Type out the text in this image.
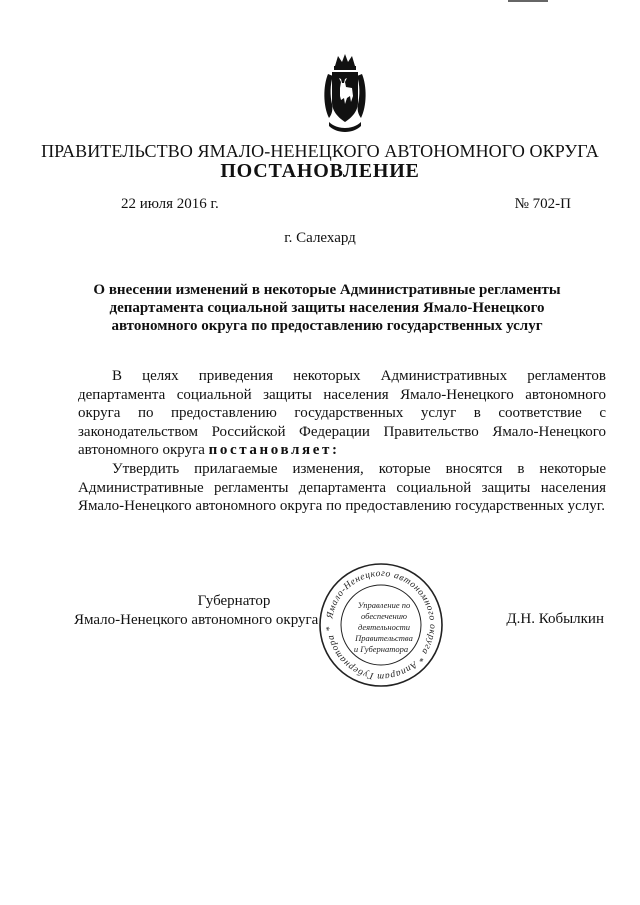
ПРАВИТЕЛЬСТВО ЯМАЛО-НЕНЕЦКОГО АВТОНОМНОГО ОКРУГА
ПОСТАНОВЛЕНИЕ
22 июля 2016 г.	№ 702-П
г. Салехард
О внесении изменений в некоторые Административные регламенты департамента социальной защиты населения Ямало-Ненецкого автономного округа по предоставлению государственных услуг
В целях приведения некоторых Административных регламентов департамента социальной защиты населения Ямало-Ненецкого автономного округа по предоставлению государственных услуг в соответствие с законодательством Российской Федерации Правительство Ямало-Ненецкого автономного округа постановляет:
Утвердить прилагаемые изменения, которые вносятся в некоторые Административные регламенты департамента социальной защиты населения Ямало-Ненецкого автономного округа по предоставлению государственных услуг.
Губернатор
Ямало-Ненецкого автономного округа	Д.Н. Кобылкин
Ямало-Ненецкого автономного округа * Аппарат Губернатора *
Управление по
обеспечению
деятельности
Правительства
и Губернатора
